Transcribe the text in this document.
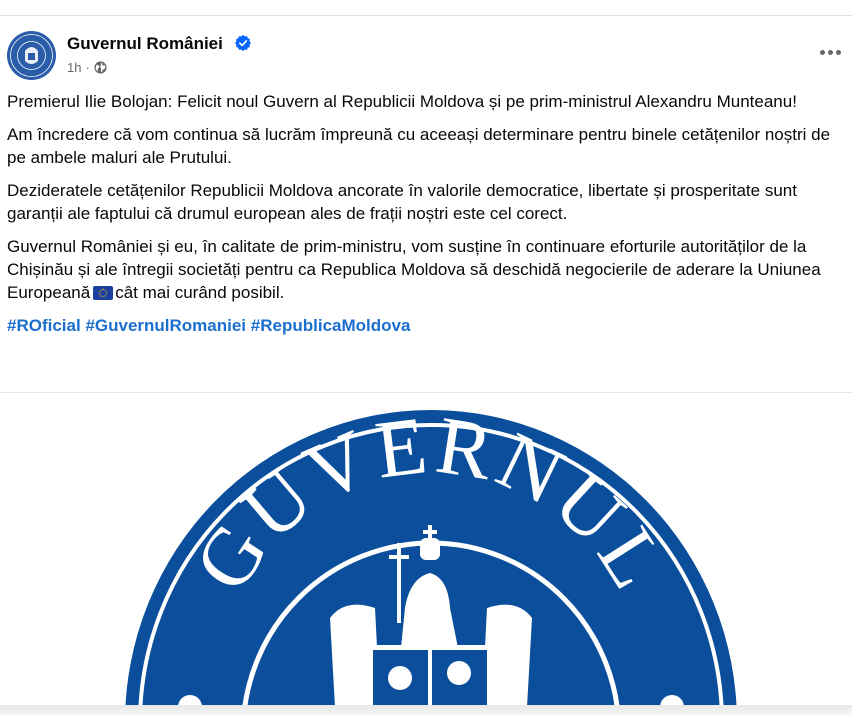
Guvernul României
1h ·

Premierul Ilie Bolojan: Felicit noul Guvern al Republicii Moldova și pe prim-ministrul Alexandru Munteanu!

Am încredere că vom continua să lucrăm împreună cu aceeași determinare pentru binele cetățenilor noștri de pe ambele maluri ale Prutului.

Dezideratele cetățenilor Republicii Moldova ancorate în valorile democratice, libertate și prosperitate sunt garanții ale faptului că drumul european ales de frații noștri este cel corect.

Guvernul României și eu, în calitate de prim-ministru, vom susține în continuare eforturile autorităților de la Chișinău și ale întregii societăți pentru ca Republica Moldova să deschidă negocierile de aderare la Uniunea Europeană cât mai curând posibil.

#ROficial #GuvernulRomaniei #RepublicaMoldova

GUVERNUL
